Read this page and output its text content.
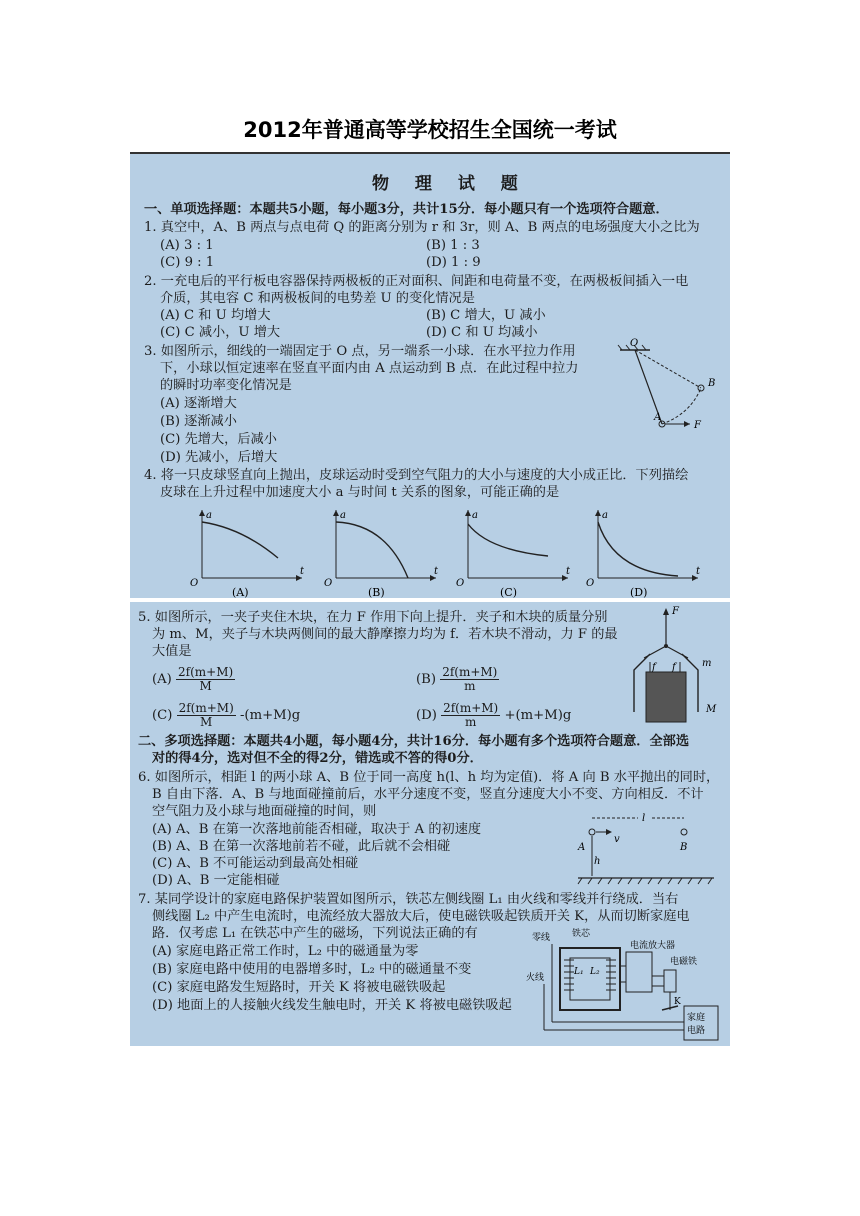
2012年普通高等学校招生全国统一考试
物 理 试 题
一、单项选择题：本题共5小题，每小题3分，共计15分．每小题只有一个选项符合题意．
1. 真空中，A、B 两点与点电荷 Q 的距离分别为 r 和 3r，则 A、B 两点的电场强度大小之比为
(A) 3 : 1	(B) 1 : 3
(C) 9 : 1	(D) 1 : 9
2. 一充电后的平行板电容器保持两极板的正对面积、间距和电荷量不变，在两极板间插入一电
介质，其电容 C 和两极板间的电势差 U 的变化情况是
(A) C 和 U 均增大	(B) C 增大，U 减小
(C) C 减小，U 增大	(D) C 和 U 均减小
3. 如图所示，细线的一端固定于 O 点，另一端系一小球．在水平拉力作用
下，小球以恒定速率在竖直平面内由 A 点运动到 B 点．在此过程中拉力
的瞬时功率变化情况是
(A) 逐渐增大
(B) 逐渐减小
(C) 先增大，后减小
(D) 先减小，后增大
O
A
B
F
4. 将一只皮球竖直向上抛出，皮球运动时受到空气阻力的大小与速度的大小成正比．下列描绘
皮球在上升过程中加速度大小 a 与时间 t 关系的图象，可能正确的是
a
t
O
(A)
a
t
O
(B)
a
t
O
(C)
a
t
O
(D)
5. 如图所示，一夹子夹住木块，在力 F 作用下向上提升．夹子和木块的质量分别
为 m、M，夹子与木块两侧间的最大静摩擦力均为 f．若木块不滑动，力 F 的最
大值是
$(A) \frac{2f(m+M)}{M}$	$(B) \frac{2f(m+M)}{m}$
$(C) \frac{2f(m+M)}{M} -(m+M)g$	$(D) \frac{2f(m+M)}{m} +(m+M)g$
F
m
M
f f
二、多项选择题：本题共4小题，每小题4分，共计16分．每小题有多个选项符合题意．全部选
对的得4分，选对但不全的得2分，错选或不答的得0分．
6. 如图所示，相距 l 的两小球 A、B 位于同一高度 h(l、h 均为定值)．将 A 向 B 水平抛出的同时，
B 自由下落．A、B 与地面碰撞前后，水平分速度不变，竖直分速度大小不变、方向相反．不计
空气阻力及小球与地面碰撞的时间，则
(A) A、B 在第一次落地前能否相碰，取决于 A 的初速度
(B) A、B 在第一次落地前若不碰，此后就不会相碰
(C) A、B 不可能运动到最高处相碰
(D) A、B 一定能相碰
l
v
A	B
h
7. 某同学设计的家庭电路保护装置如图所示，铁芯左侧线圈 L₁ 由火线和零线并行绕成．当右
侧线圈 L₂ 中产生电流时，电流经放大器放大后，使电磁铁吸起铁质开关 K，从而切断家庭电
路．仅考虑 L₁ 在铁芯中产生的磁场，下列说法正确的有
(A) 家庭电路正常工作时，L₂ 中的磁通量为零
(B) 家庭电路中使用的电器增多时，L₂ 中的磁通量不变
(C) 家庭电路发生短路时，开关 K 将被电磁铁吸起
(D) 地面上的人接触火线发生触电时，开关 K 将被电磁铁吸起
零线 铁芯
电流放大器
火线
电磁铁
L₁ L₂
K
家庭
电路
